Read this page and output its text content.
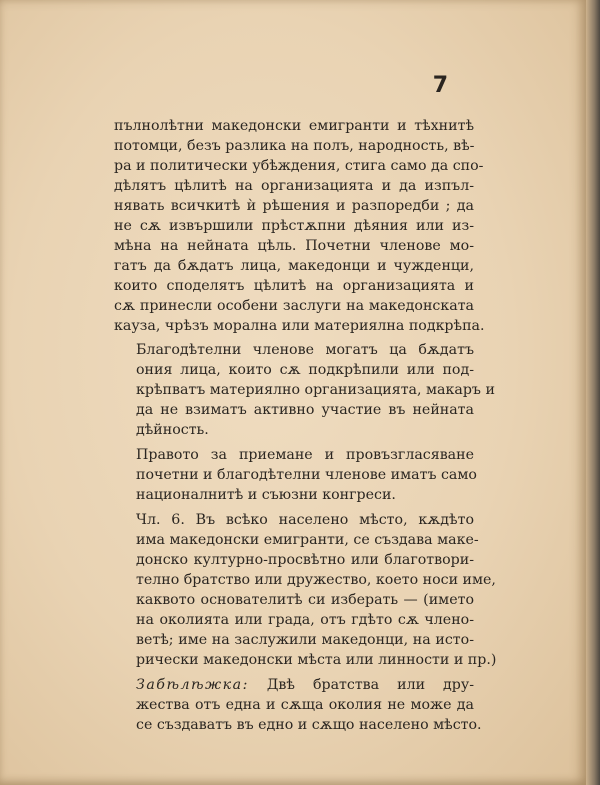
7

пълнолѣтни македонски емигранти и тѣхнитѣ
потомци, безъ разлика на полъ, народность, вѣ-
ра и политически убѣждения, стига само да спо-
дѣлятъ цѣлитѣ на организацията и да изпъл-
нявать всичкитѣ ѝ рѣшения и разпоредби ; да
не сѫ извършили прѣстѫпни дѣяния или из-
мѣна на нейната цѣль. Почетни членове мо-
гатъ да бѫдатъ лица, македонци и чужденци,
които споделятъ цѣлитѣ на организацията и
сѫ принесли особени заслуги на македонската
кауза, чрѣзъ морална или материялна подкрѣпа.

Благодѣтелни членове могатъ ца бѫдатъ
ония лица, които сѫ подкрѣпили или под-
крѣпватъ материялно организацията, макаръ и
да не взиматъ активно участие въ нейната
дѣйность.

Правото за приемане и провъзгласяване
почетни и благодѣтелни членове иматъ само
националнитѣ и съюзни конгреси.

Чл. 6. Въ всѣко населено мѣсто, кѫдѣто
има македонски емигранти, се създава маке-
донско културно-просвѣтно или благотвори-
телно братство или дружество, което носи име,
каквото основателитѣ си изберать — (името
на околията или града, отъ гдѣто сѫ члено-
ветѣ; име на заслужили македонци, на исто-
рически македонски мѣста или линности и пр.)

Забѣлѣжка: Двѣ братства или дру-
жества отъ една и сѫща околия не може да
се създаватъ въ едно и сѫщо населено мѣсто.
